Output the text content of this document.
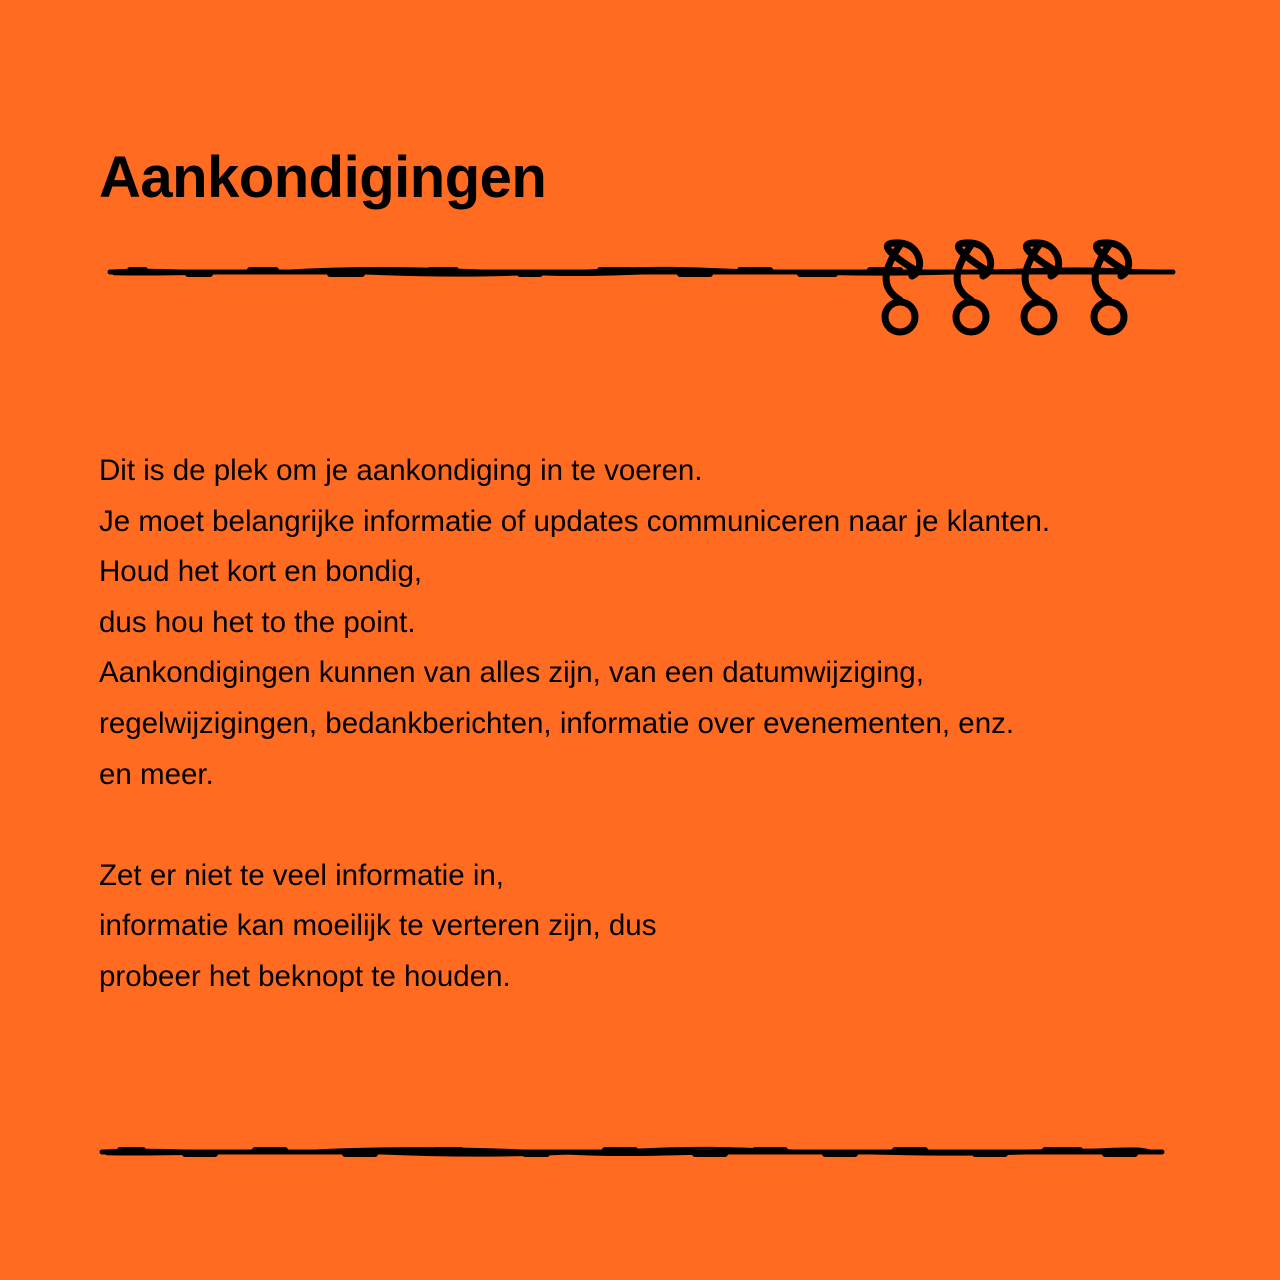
Aankondigingen
Dit is de plek om je aankondiging in te voeren.
Je moet belangrijke informatie of updates communiceren naar je klanten.
Houd het kort en bondig,
dus hou het to the point.
Aankondigingen kunnen van alles zijn, van een datumwijziging,
regelwijzigingen, bedankberichten, informatie over evenementen, enz.
en meer.
Zet er niet te veel informatie in,
informatie kan moeilijk te verteren zijn, dus
probeer het beknopt te houden.
